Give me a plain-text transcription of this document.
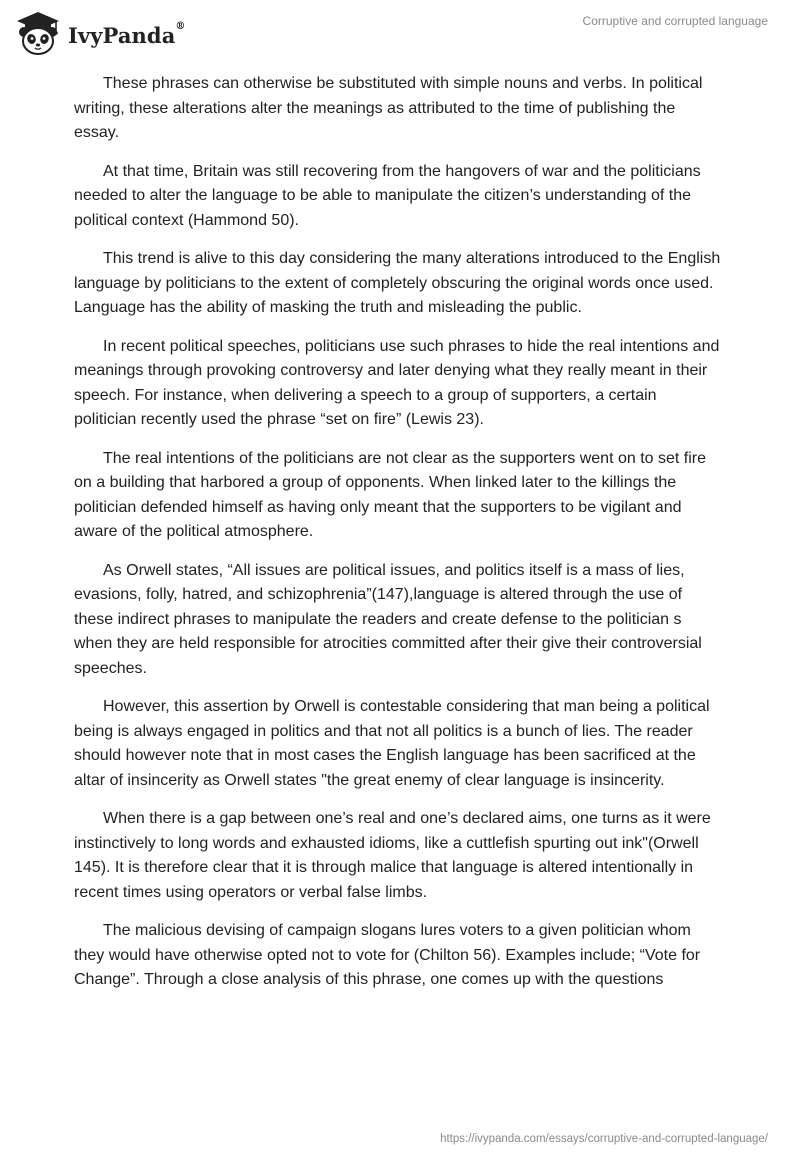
IvyPanda®	Corruptive and corrupted language

These phrases can otherwise be substituted with simple nouns and verbs. In political writing, these alterations alter the meanings as attributed to the time of publishing the essay.

At that time, Britain was still recovering from the hangovers of war and the politicians needed to alter the language to be able to manipulate the citizen’s understanding of the political context (Hammond 50).

This trend is alive to this day considering the many alterations introduced to the English language by politicians to the extent of completely obscuring the original words once used. Language has the ability of masking the truth and misleading the public.

In recent political speeches, politicians use such phrases to hide the real intentions and meanings through provoking controversy and later denying what they really meant in their speech. For instance, when delivering a speech to a group of supporters, a certain politician recently used the phrase “set on fire” (Lewis 23).

The real intentions of the politicians are not clear as the supporters went on to set fire on a building that harbored a group of opponents. When linked later to the killings the politician defended himself as having only meant that the supporters to be vigilant and aware of the political atmosphere.

As Orwell states, “All issues are political issues, and politics itself is a mass of lies, evasions, folly, hatred, and schizophrenia”(147),language is altered through the use of these indirect phrases to manipulate the readers and create defense to the politician s when they are held responsible for atrocities committed after their give their controversial speeches.

However, this assertion by Orwell is contestable considering that man being a political being is always engaged in politics and that not all politics is a bunch of lies. The reader should however note that in most cases the English language has been sacrificed at the altar of insincerity as Orwell states "the great enemy of clear language is insincerity.

When there is a gap between one’s real and one’s declared aims, one turns as it were instinctively to long words and exhausted idioms, like a cuttlefish spurting out ink"(Orwell 145). It is therefore clear that it is through malice that language is altered intentionally in recent times using operators or verbal false limbs.

The malicious devising of campaign slogans lures voters to a given politician whom they would have otherwise opted not to vote for (Chilton 56). Examples include; “Vote for Change”. Through a close analysis of this phrase, one comes up with the questions

https://ivypanda.com/essays/corruptive-and-corrupted-language/
